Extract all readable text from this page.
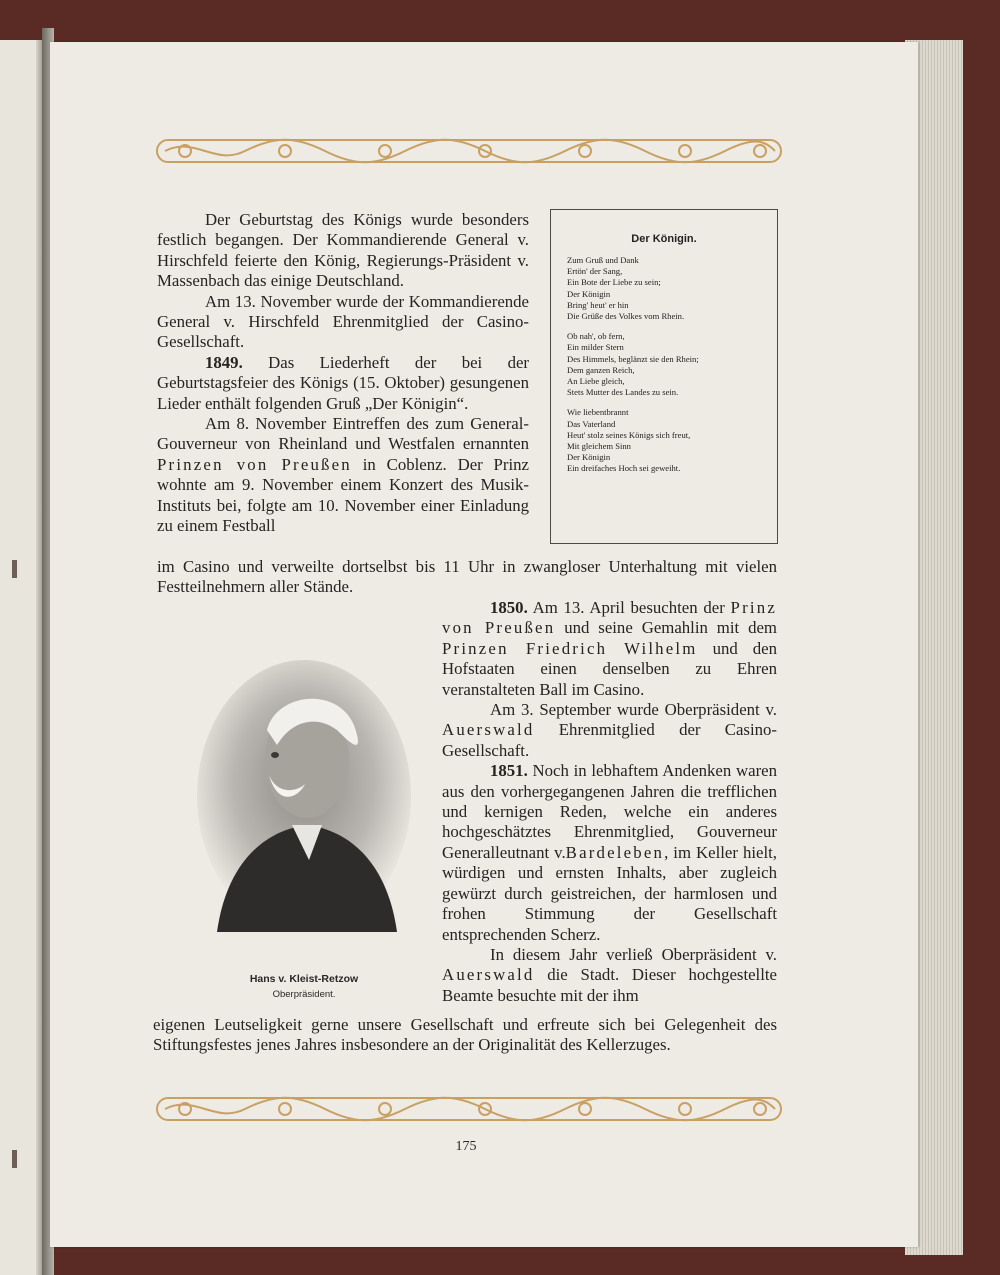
Der Geburtstag des Königs wurde besonders festlich begangen. Der Kommandierende General v. Hirschfeld feierte den König, Regierungs-Präsident v. Massenbach das einige Deutschland.

Am 13. November wurde der Kommandierende General v. Hirschfeld Ehrenmitglied der Casino-Gesellschaft.

1849. Das Liederheft der bei der Geburtstagsfeier des Königs (15. Oktober) gesungenen Lieder enthält folgenden Gruß „Der Königin“.

Am 8. November Eintreffen des zum General-Gouverneur von Rheinland und Westfalen ernannten Prinzen von Preußen in Coblenz. Der Prinz wohnte am 9. November einem Konzert des Musik-Instituts bei, folgte am 10. November einer Einladung zu einem Festball

Der Königin.
Zum Gruß und Dank
Ertön' der Sang,
Ein Bote der Liebe zu sein;
Der Königin
Bring' heut' er hin
Die Grüße des Volkes vom Rhein.
Ob nah', ob fern,
Ein milder Stern
Des Himmels, beglänzt sie den Rhein;
Dem ganzen Reich,
An Liebe gleich,
Stets Mutter des Landes zu sein.
Wie liebentbrannt
Das Vaterland
Heut' stolz seines Königs sich freut,
Mit gleichem Sinn
Der Königin
Ein dreifaches Hoch sei geweiht.

im Casino und verweilte dortselbst bis 11 Uhr in zwangloser Unterhaltung mit vielen Festteilnehmern aller Stände.

Hans v. Kleist-Retzow
Oberpräsident.

1850. Am 13. April besuchten der Prinz von Preußen und seine Gemahlin mit dem Prinzen Friedrich Wilhelm und den Hofstaaten einen denselben zu Ehren veranstalteten Ball im Casino.

Am 3. September wurde Oberpräsident v. Auerswald Ehrenmitglied der Casino-Gesellschaft.

1851. Noch in lebhaftem Andenken waren aus den vorhergegangenen Jahren die trefflichen und kernigen Reden, welche ein anderes hochgeschätztes Ehrenmitglied, Gouverneur Generalleutnant v.Bardeleben, im Keller hielt, würdigen und ernsten Inhalts, aber zugleich gewürzt durch geistreichen, der harmlosen und frohen Stimmung der Gesellschaft entsprechenden Scherz.

In diesem Jahr verließ Oberpräsident v. Auerswald die Stadt. Dieser hochgestellte Beamte besuchte mit der ihm

eigenen Leutseligkeit gerne unsere Gesellschaft und erfreute sich bei Gelegenheit des Stiftungsfestes jenes Jahres insbesondere an der Originalität des Kellerzuges.

175
